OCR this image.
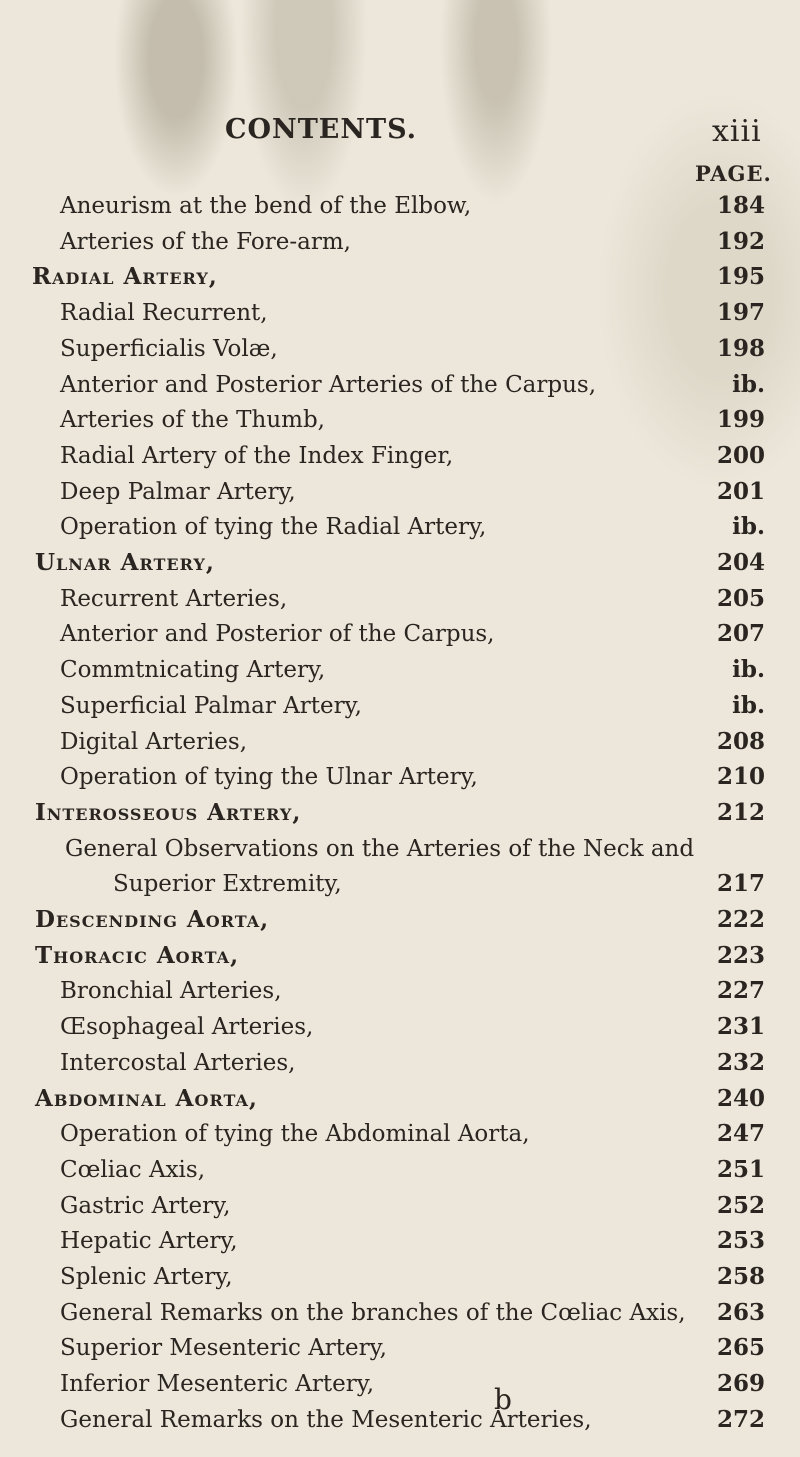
CONTENTS.	xiii
PAGE.
Aneurism at the bend of the Elbow,	184
Arteries of the Fore-arm,	192
Radial Artery,	195
Radial Recurrent,	197
Superficialis Volæ,	198
Anterior and Posterior Arteries of the Carpus,	ib.
Arteries of the Thumb,	199
Radial Artery of the Index Finger,	200
Deep Palmar Artery,	201
Operation of tying the Radial Artery,	ib.
Ulnar Artery,	204
Recurrent Arteries,	205
Anterior and Posterior of the Carpus,	207
Commtnicating Artery,	ib.
Superficial Palmar Artery,	ib.
Digital Arteries,	208
Operation of tying the Ulnar Artery,	210
Interosseous Artery,	212
General Observations on the Arteries of the Neck and
Superior Extremity,	217
Descending Aorta,	222
Thoracic Aorta,	223
Bronchial Arteries,	227
Œsophageal Arteries,	231
Intercostal Arteries,	232
Abdominal Aorta,	240
Operation of tying the Abdominal Aorta,	247
Cœliac Axis,	251
Gastric Artery,	252
Hepatic Artery,	253
Splenic Artery,	258
General Remarks on the branches of the Cœliac Axis,	263
Superior Mesenteric Artery,	265
Inferior Mesenteric Artery,	269
General Remarks on the Mesenteric Arteries,	272
b
